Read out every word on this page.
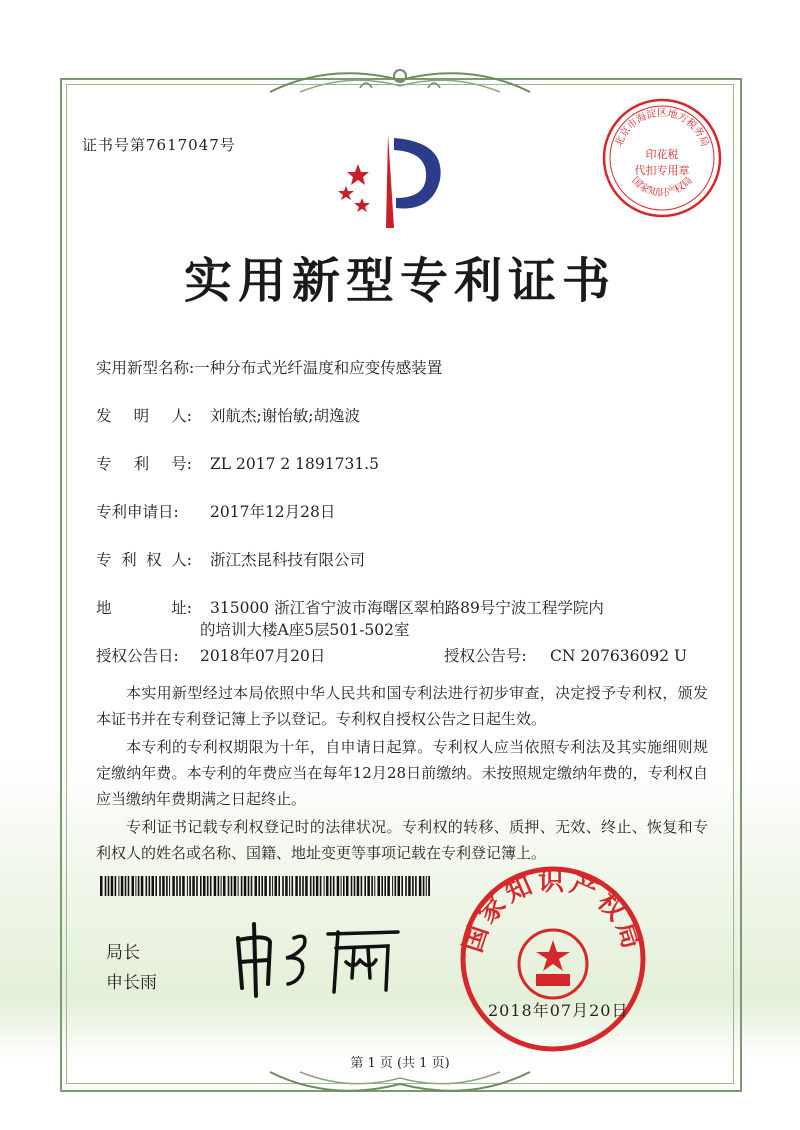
证书号第7617047号	北京市海淀区地方税务局
印花税
代扣专用章
国家知识产权局
实用新型专利证书
实用新型名称:一种分布式光纤温度和应变传感装置
发 明 人: 刘航杰;谢怡敏;胡逸波
专 利 号: ZL 2017 2 1891731.5
专利申请日: 2017年12月28日
专 利 权 人: 浙江杰昆科技有限公司
地	址: 315000 浙江省宁波市海曙区翠柏路89号宁波工程学院内
的培训大楼A座5层501-502室
授权公告日: 2018年07月20日	授权公告号: CN 207636092 U

本实用新型经过本局依照中华人民共和国专利法进行初步审查，决定授予专利权，颁发本证书并在专利登记簿上予以登记。专利权自授权公告之日起生效。

本专利的专利权期限为十年，自申请日起算。专利权人应当依照专利法及其实施细则规定缴纳年费。本专利的年费应当在每年12月28日前缴纳。未按照规定缴纳年费的，专利权自应当缴纳年费期满之日起终止。

专利证书记载专利权登记时的法律状况。专利权的转移、质押、无效、终止、恢复和专利权人的姓名或名称、国籍、地址变更等事项记载在专利登记簿上。

局长
申长雨
国家知识产权局
2018年07月20日
第 1 页 (共 1 页)
